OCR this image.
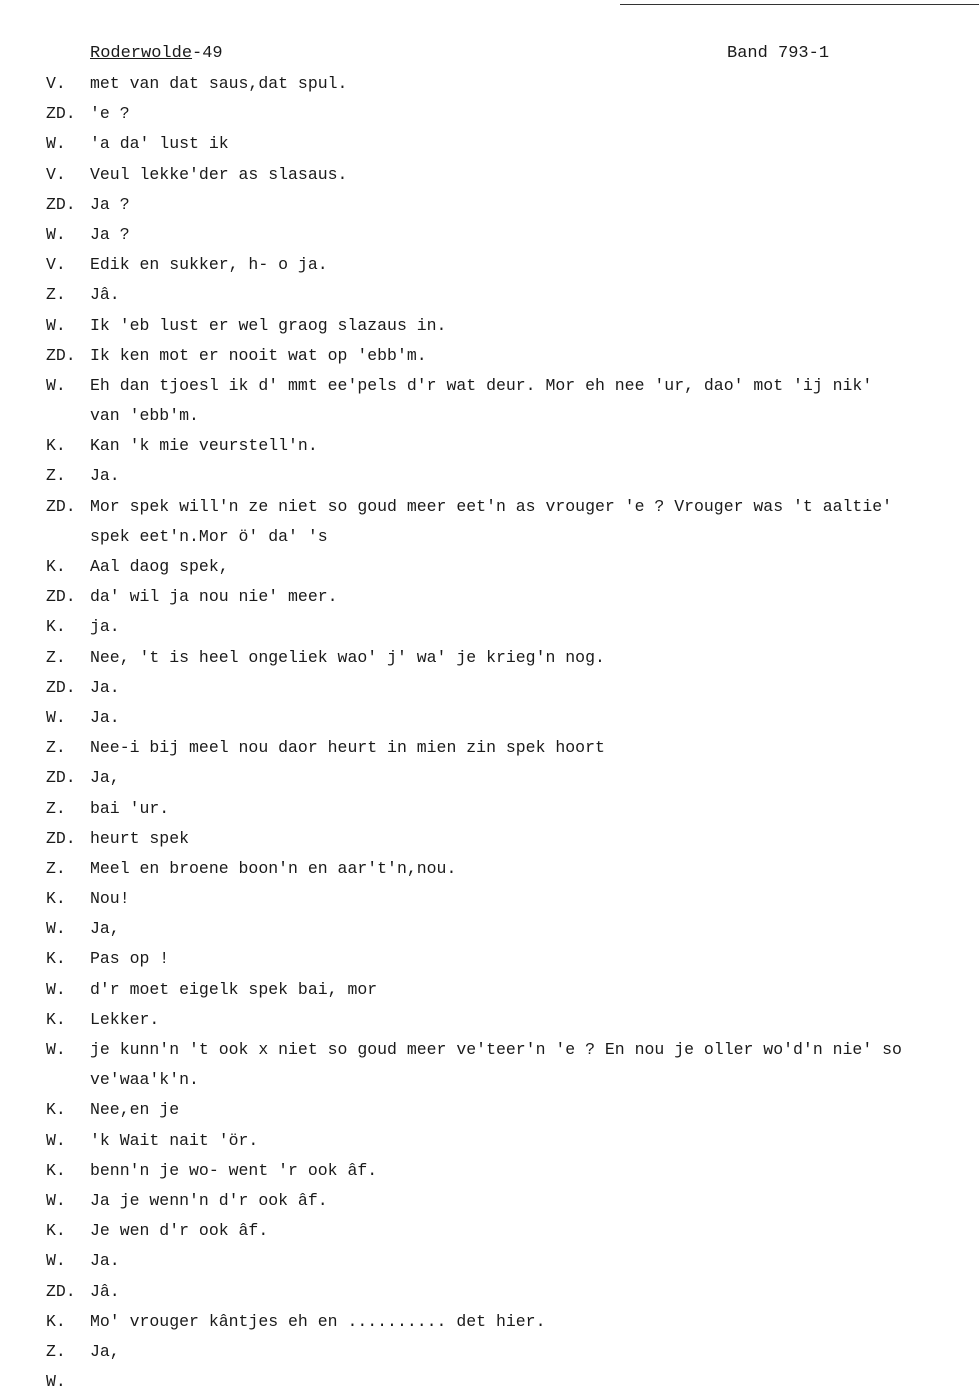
Roderwolde-49	Band 793-1
V. met van dat saus,dat spul.
ZD. 'e ?
W. 'a da' lust ik
V. Veul lekke'der as slasaus.
ZD. Ja ?
W. Ja ?
V. Edik en sukker, h- o ja.
Z. Jâ.
W. Ik 'eb lust er wel graog slazaus in.
ZD. Ik ken mot er nooit wat op 'ebb'm.
W. Eh dan tjoesl ik d' mmt ee'pels d'r wat deur. Mor eh nee 'ur, dao' mot 'ij nik'
van 'ebb'm.
K. Kan 'k mie veurstell'n.
Z. Ja.
ZD. Mor spek will'n ze niet so goud meer eet'n as vrouger 'e ? Vrouger was 't aaltie'
spek eet'n.Mor ö' da' 's
K. Aal daog spek,
ZD. da' wil ja nou nie' meer.
K. ja.
Z. Nee, 't is heel ongeliek wao' j' wa' je krieg'n nog.
ZD. Ja.
W. Ja.
Z. Nee-i bij meel nou daor heurt in mien zin spek hoort
ZD. Ja,
Z. bai 'ur.
ZD. heurt spek
Z. Meel en broene boon'n en aar't'n,nou.
K. Nou!
W. Ja,
K. Pas op !
W. d'r moet eigelk spek bai, mor
K. Lekker.
W. je kunn'n 't ook x niet so goud meer ve'teer'n 'e ? En nou je oller wo'd'n nie' so
ve'waa'k'n.
K. Nee,en je
W. 'k Wait nait 'ör.
K. benn'n je wo- went 'r ook âf.
W. Ja je wenn'n d'r ook âf.
K. Je wen d'r ook âf.
W. Ja.
ZD. Jâ.
K. Mo' vrouger kântjes eh en .......... det hier.
Z. Ja,
W.
